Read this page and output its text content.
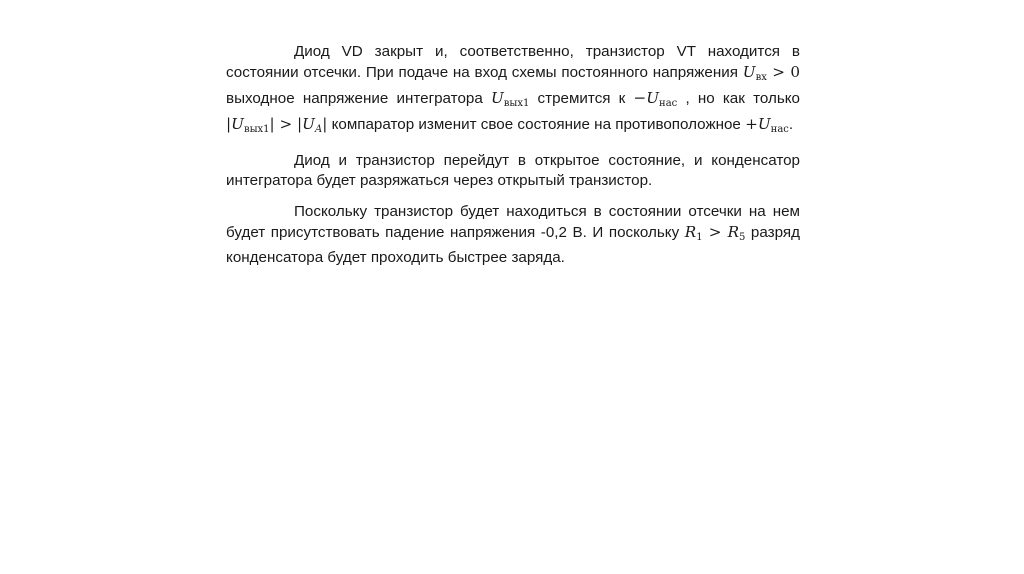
Диод VD закрыт и, соответственно, транзистор VT находится в состоянии отсечки. При подаче на вход схемы постоянного напряжения $U_{вх} > 0$ выходное напряжение интегратора $U_{вых1}$ стремится $к -U_{нас}$ , но как только $|U_{вых1}| > |U_A|$ компаратор изменит свое состояние на противоположное $+U_{нас}$.

Диод и транзистор перейдут в открытое состояние, и конденсатор интегратора будет разряжаться через открытый транзистор.

Поскольку транзистор будет находиться в состоянии отсечки на нем будет присутствовать падение напряжения -0,2 В. И поскольку $R_1 > R_5$ разряд конденсатора будет проходить быстрее заряда.
